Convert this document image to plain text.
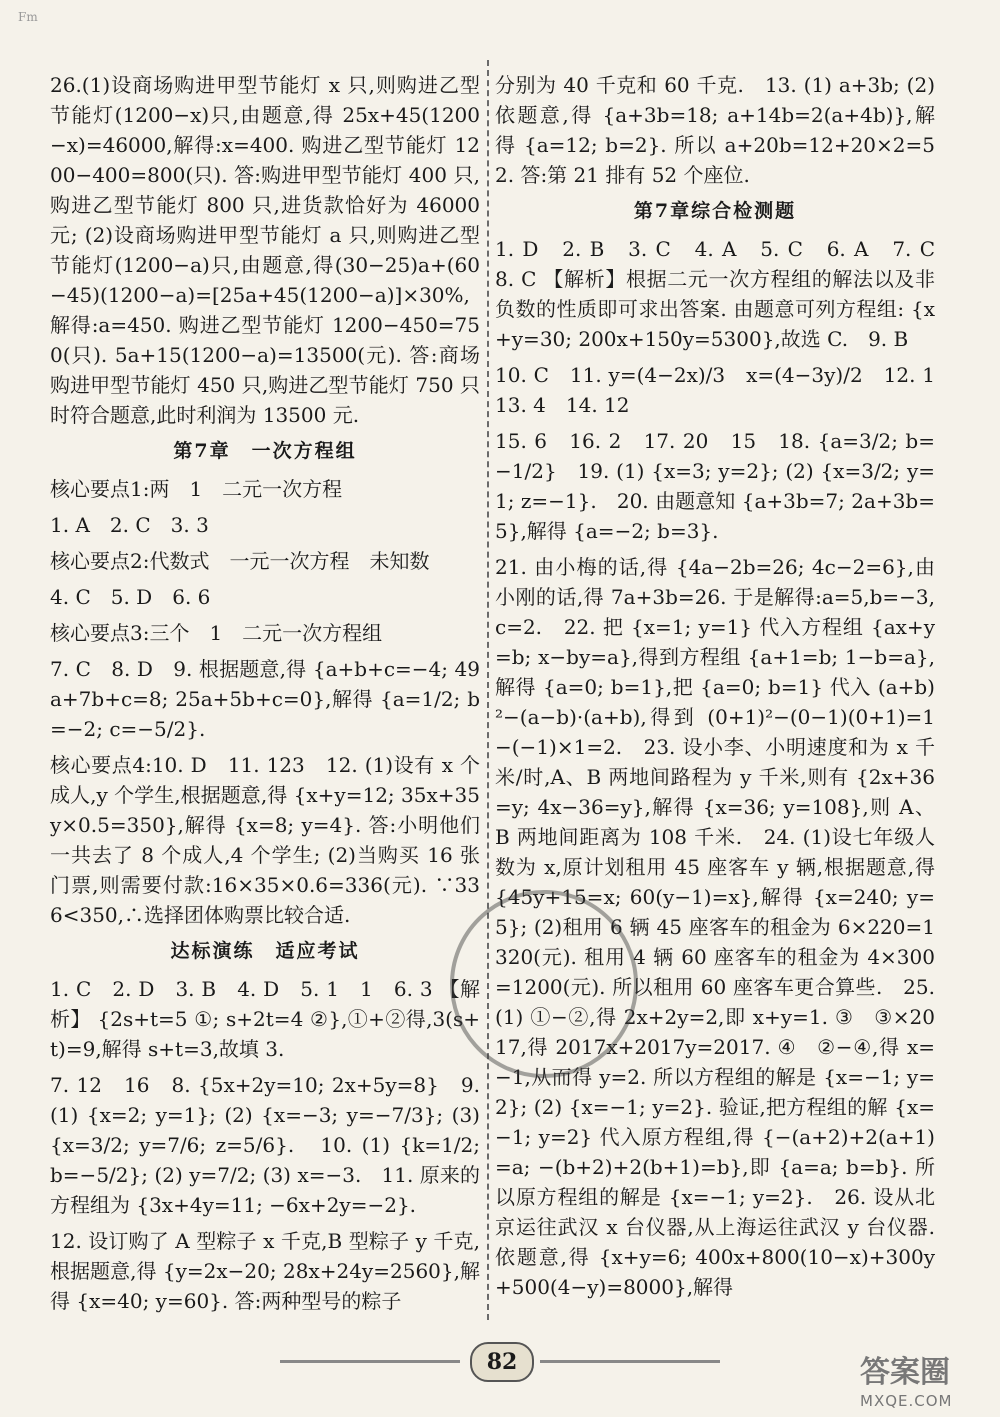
Fm
26.(1)设商场购进甲型节能灯 x 只,则购进乙型节能灯(1200−x)只,由题意,得 25x+45(1200−x)=46000,解得:x=400. 购进乙型节能灯 1200−400=800(只). 答:购进甲型节能灯 400 只,购进乙型节能灯 800 只,进货款恰好为 46000 元; (2)设商场购进甲型节能灯 a 只,则购进乙型节能灯(1200−a)只,由题意,得(30−25)a+(60−45)(1200−a)=[25a+45(1200−a)]×30%,解得:a=450. 购进乙型节能灯 1200−450=750(只). 5a+15(1200−a)=13500(元). 答:商场购进甲型节能灯 450 只,购进乙型节能灯 750 只时符合题意,此时利润为 13500 元.
第7章　一次方程组
核心要点1:两　1　二元一次方程
1. A　2. C　3. 3
核心要点2:代数式　一元一次方程　未知数
4. C　5. D　6. 6
核心要点3:三个　1　二元一次方程组
7. C　8. D　9. 根据题意,得 {a+b+c=−4; 49a+7b+c=8; 25a+5b+c=0},解得 {a=1/2; b=−2; c=−5/2}.
核心要点4:10. D　11. 123　12. (1)设有 x 个成人,y 个学生,根据题意,得 {x+y=12; 35x+35y×0.5=350},解得 {x=8; y=4}. 答:小明他们一共去了 8 个成人,4 个学生; (2)当购买 16 张门票,则需要付款:16×35×0.6=336(元). ∵336<350,∴选择团体购票比较合适.
达标演练　适应考试
1. C　2. D　3. B　4. D　5. 1　1　6. 3 【解析】 {2s+t=5 ①; s+2t=4 ②},①+②得,3(s+t)=9,解得 s+t=3,故填 3.
7. 12　16　8. {5x+2y=10; 2x+5y=8}　9. (1) {x=2; y=1}; (2) {x=−3; y=−7/3}; (3) {x=3/2; y=7/6; z=5/6}.　10. (1) {k=1/2; b=−5/2}; (2) y=7/2; (3) x=−3.　11. 原来的方程组为 {3x+4y=11; −6x+2y=−2}.
12. 设订购了 A 型粽子 x 千克,B 型粽子 y 千克,根据题意,得 {y=2x−20; 28x+24y=2560},解得 {x=40; y=60}. 答:两种型号的粽子
分别为 40 千克和 60 千克.　13. (1) a+3b; (2)依题意,得 {a+3b=18; a+14b=2(a+4b)},解得 {a=12; b=2}. 所以 a+20b=12+20×2=52. 答:第 21 排有 52 个座位.
第7章综合检测题
1. D　2. B　3. C　4. A　5. C　6. A　7. C　8. C 【解析】根据二元一次方程组的解法以及非负数的性质即可求出答案. 由题意可列方程组: {x+y=30; 200x+150y=5300},故选 C.　9. B
10. C　11. y=(4−2x)/3　x=(4−3y)/2　12. 1　13. 4　14. 12
15. 6　16. 2　17. 20　15　18. {a=3/2; b=−1/2}　19. (1) {x=3; y=2}; (2) {x=3/2; y=1; z=−1}.　20. 由题意知 {a+3b=7; 2a+3b=5},解得 {a=−2; b=3}.
21. 由小梅的话,得 {4a−2b=26; 4c−2=6},由小刚的话,得 7a+3b=26. 于是解得:a=5,b=−3,c=2.　22. 把 {x=1; y=1} 代入方程组 {ax+y=b; x−by=a},得到方程组 {a+1=b; 1−b=a},解得 {a=0; b=1},把 {a=0; b=1} 代入 (a+b)²−(a−b)·(a+b),得到 (0+1)²−(0−1)(0+1)=1−(−1)×1=2.　23. 设小李、小明速度和为 x 千米/时,A、B 两地间路程为 y 千米,则有 {2x+36=y; 4x−36=y},解得 {x=36; y=108},则 A、B 两地间距离为 108 千米.　24. (1)设七年级人数为 x,原计划租用 45 座客车 y 辆,根据题意,得 {45y+15=x; 60(y−1)=x},解得 {x=240; y=5}; (2)租用 6 辆 45 座客车的租金为 6×220=1320(元). 租用 4 辆 60 座客车的租金为 4×300=1200(元). 所以租用 60 座客车更合算些.　25. (1) ①−②,得 2x+2y=2,即 x+y=1. ③　③×2017,得 2017x+2017y=2017. ④　②−④,得 x=−1,从而得 y=2. 所以方程组的解是 {x=−1; y=2}; (2) {x=−1; y=2}. 验证,把方程组的解 {x=−1; y=2} 代入原方程组,得 {−(a+2)+2(a+1)=a; −(b+2)+2(b+1)=b},即 {a=a; b=b}. 所以原方程组的解是 {x=−1; y=2}.　26. 设从北京运往武汉 x 台仪器,从上海运往武汉 y 台仪器. 依题意,得 {x+y=6; 400x+800(10−x)+300y+500(4−y)=8000},解得
82	答案圈
MXQE.COM
